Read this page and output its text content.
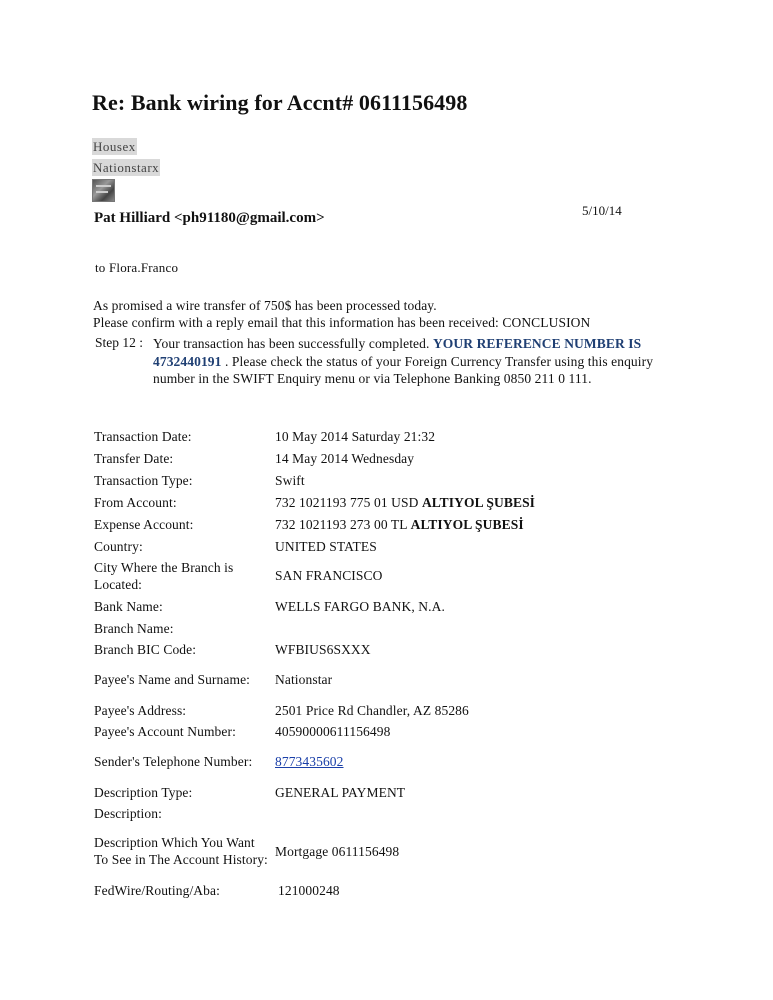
Re: Bank wiring for Accnt# 0611156498
Housex
Nationstarx
Pat Hilliard <ph91180@gmail.com>	5/10/14
to Flora.Franco
As promised a wire transfer of 750$ has been processed today.
Please confirm with a reply email that this information has been received: CONCLUSION
Step 12 : Your transaction has been successfully completed. YOUR REFERENCE NUMBER IS 4732440191 . Please check the status of your Foreign Currency Transfer using this enquiry number in the SWIFT Enquiry menu or via Telephone Banking 0850 211 0 111.
Transaction Date:	10 May 2014 Saturday 21:32
Transfer Date:	14 May 2014 Wednesday
Transaction Type:	Swift
From Account:	732 1021193 775 01 USD ALTIYOL ŞUBESİ
Expense Account:	732 1021193 273 00 TL ALTIYOL ŞUBESİ
Country:	UNITED STATES
City Where the Branch is Located:	SAN FRANCISCO
Bank Name:	WELLS FARGO BANK, N.A.
Branch Name:	
Branch BIC Code:	WFBIUS6SXXX
Payee's Name and Surname:	Nationstar
Payee's Address:	2501 Price Rd Chandler, AZ 85286
Payee's Account Number:	40590000611156498
Sender's Telephone Number:	8773435602
Description Type:	GENERAL PAYMENT
Description:	
Description Which You Want To See in The Account History:	Mortgage 0611156498
FedWire/Routing/Aba:	121000248
